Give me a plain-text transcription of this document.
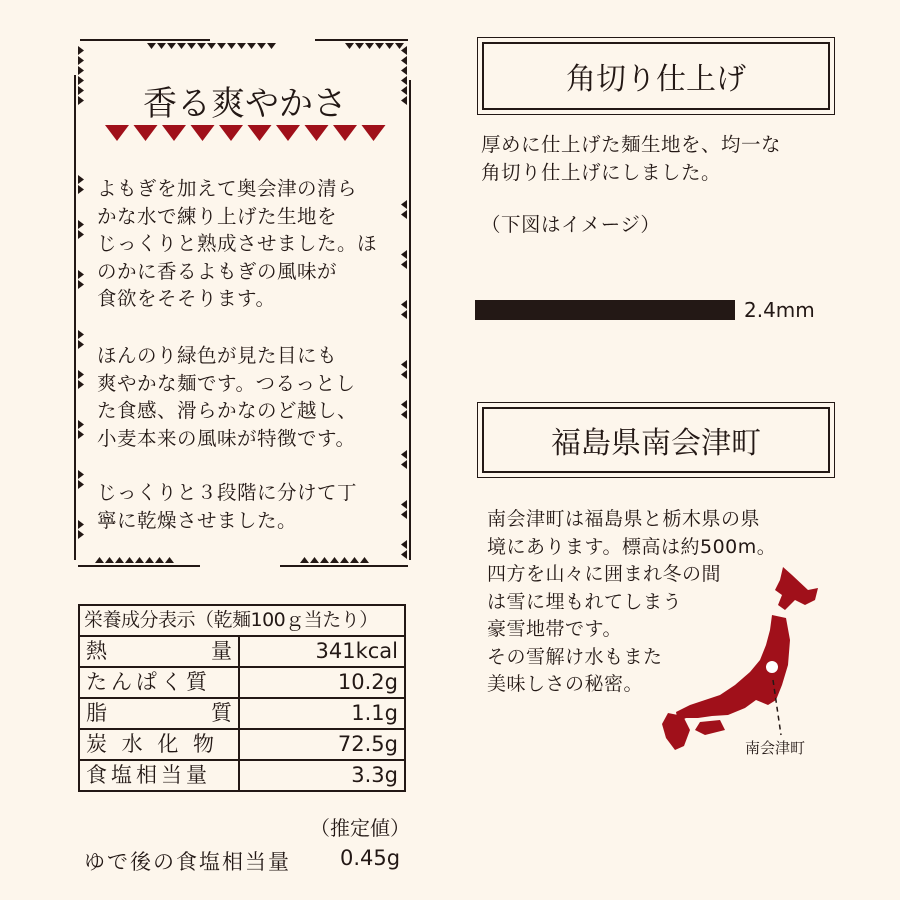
香る爽やかさ
よもぎを加えて奥会津の清ら
かな水で練り上げた生地を
じっくりと熟成させました。ほ
のかに香るよもぎの風味が
食欲をそそります。
ほんのり緑色が見た目にも
爽やかな麺です。つるっとし
た食感、滑らかなのど越し、
小麦本来の風味が特徴です。
じっくりと３段階に分けて丁
寧に乾燥させました。
栄養成分表示（乾麺100ｇ当たり）	
熱　　　　量	341kcal
たんぱく質	10.2g
脂　　　　質	1.1g
炭 水 化 物	72.5g
食塩相当量	3.3g
（推定値）
ゆで後の食塩相当量 0.45g
角切り仕上げ
厚めに仕上げた麺生地を、均一な
角切り仕上げにしました。
（下図はイメージ）
2.4mm
福島県南会津町
南会津町は福島県と栃木県の県
境にあります。標高は約500m。
四方を山々に囲まれ冬の間
は雪に埋もれてしまう
豪雪地帯です。
その雪解け水もまた
美味しさの秘密。
南会津町
